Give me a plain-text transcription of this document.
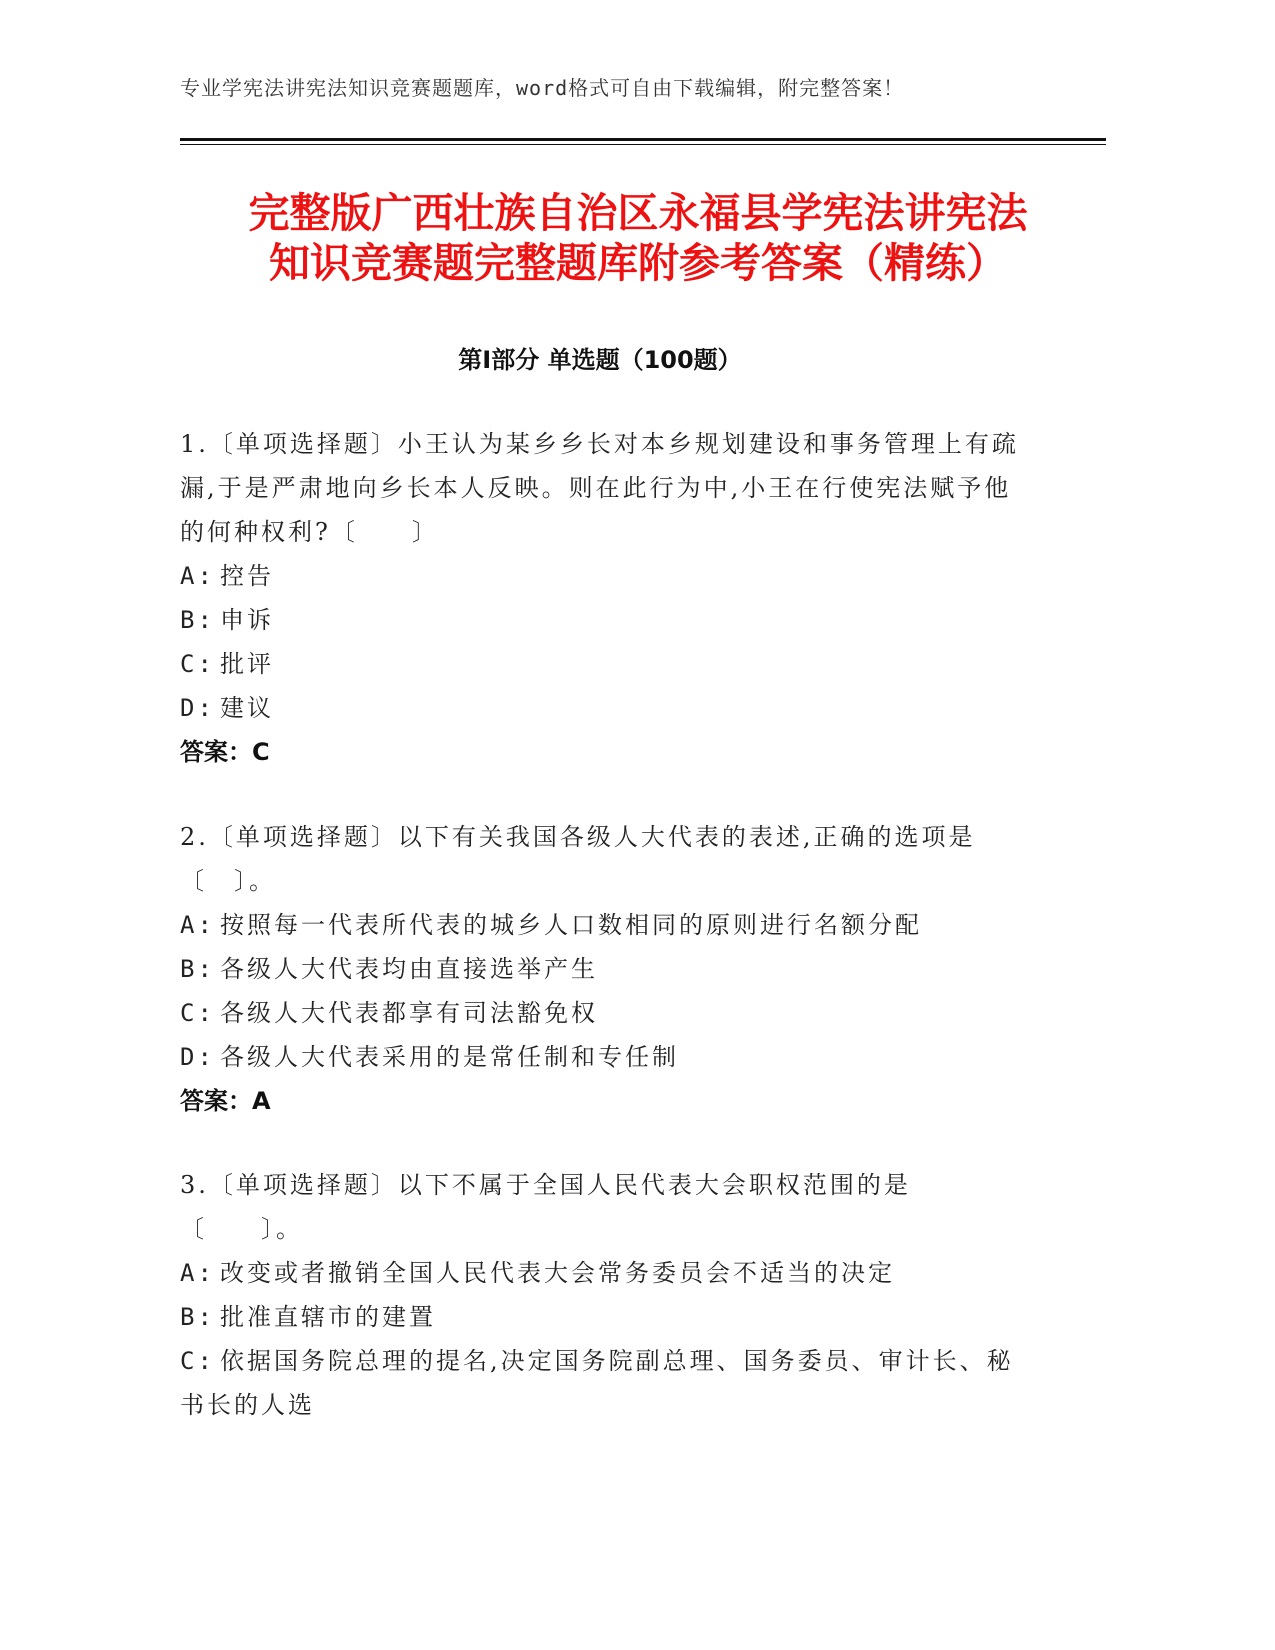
专业学宪法讲宪法知识竞赛题题库，word格式可自由下载编辑，附完整答案！
完整版广西壮族自治区永福县学宪法讲宪法
知识竞赛题完整题库附参考答案（精练）
第Ⅰ部分 单选题（100题）

1.〔单项选择题〕小王认为某乡乡长对本乡规划建设和事务管理上有疏漏,于是严肃地向乡长本人反映。则在此行为中,小王在行使宪法赋予他的何种权利?〔　　〕

A: 控告

B: 申诉

C: 批评

D: 建议

答案：C

2.〔单项选择题〕以下有关我国各级人大代表的表述,正确的选项是〔　〕。

A: 按照每一代表所代表的城乡人口数相同的原则进行名额分配

B: 各级人大代表均由直接选举产生

C: 各级人大代表都享有司法豁免权

D: 各级人大代表采用的是常任制和专任制

答案：A

3.〔单项选择题〕以下不属于全国人民代表大会职权范围的是〔　　〕。

A: 改变或者撤销全国人民代表大会常务委员会不适当的决定

B: 批准直辖市的建置

C: 依据国务院总理的提名,决定国务院副总理、国务委员、审计长、秘书长的人选
